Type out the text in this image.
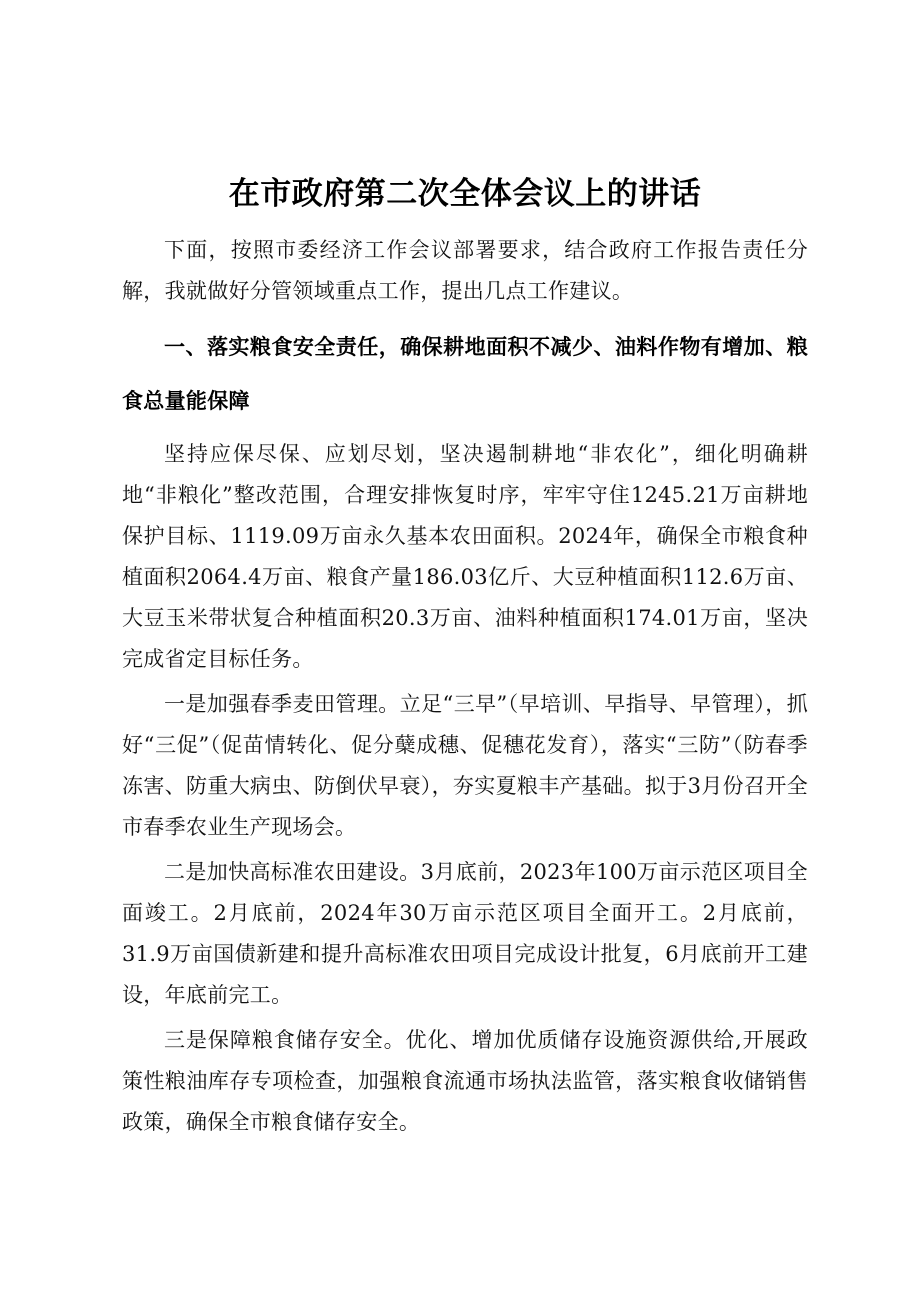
在市政府第二次全体会议上的讲话

下面，按照市委经济工作会议部署要求，结合政府工作报告责任分解，我就做好分管领域重点工作，提出几点工作建议。

一、落实粮食安全责任，确保耕地面积不减少、油料作物有增加、粮食总量能保障

坚持应保尽保、应划尽划，坚决遏制耕地“非农化”，细化明确耕地“非粮化”整改范围，合理安排恢复时序，牢牢守住1245.21万亩耕地保护目标、1119.09万亩永久基本农田面积。2024年，确保全市粮食种植面积2064.4万亩、粮食产量186.03亿斤、大豆种植面积112.6万亩、大豆玉米带状复合种植面积20.3万亩、油料种植面积174.01万亩，坚决完成省定目标任务。

一是加强春季麦田管理。立足“三早”（早培训、早指导、早管理），抓好“三促”（促苗情转化、促分蘖成穗、促穗花发育），落实“三防”（防春季冻害、防重大病虫、防倒伏早衰），夯实夏粮丰产基础。拟于3月份召开全市春季农业生产现场会。

二是加快高标准农田建设。3月底前，2023年100万亩示范区项目全面竣工。2月底前，2024年30万亩示范区项目全面开工。2月底前，31.9万亩国债新建和提升高标准农田项目完成设计批复，6月底前开工建设，年底前完工。

三是保障粮食储存安全。优化、增加优质储存设施资源供给,开展政策性粮油库存专项检查，加强粮食流通市场执法监管，落实粮食收储销售政策，确保全市粮食储存安全。
